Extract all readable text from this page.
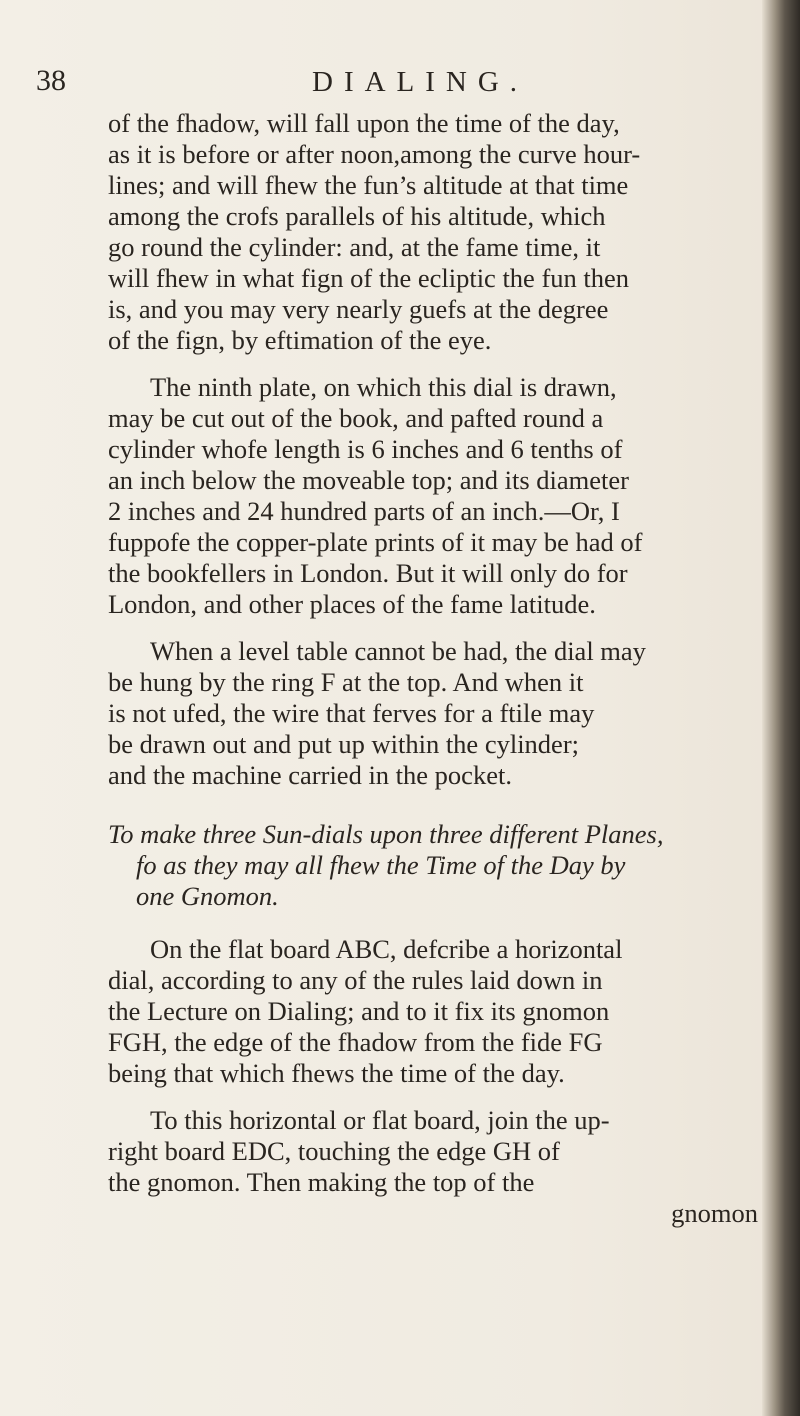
38	DIALING.
of the fhadow, will fall upon the time of the day,
as it is before or after noon,among the curve hour-
lines; and will fhew the fun’s altitude at that time
among the crofs parallels of his altitude, which
go round the cylinder: and, at the fame time, it
will fhew in what fign of the ecliptic the fun then
is, and you may very nearly guefs at the degree
of the fign, by eftimation of the eye.
The ninth plate, on which this dial is drawn,
may be cut out of the book, and pafted round a
cylinder whofe length is 6 inches and 6 tenths of
an inch below the moveable top; and its diameter
2 inches and 24 hundred parts of an inch.—Or, I
fuppofe the copper-plate prints of it may be had of
the bookfellers in London. But it will only do for
London, and other places of the fame latitude.
When a level table cannot be had, the dial may
be hung by the ring F at the top. And when it
is not ufed, the wire that ferves for a ftile may
be drawn out and put up within the cylinder;
and the machine carried in the pocket.
To make three Sun-dials upon three different Planes,
fo as they may all fhew the Time of the Day by
one Gnomon.
On the flat board ABC, defcribe a horizontal
dial, according to any of the rules laid down in
the Lecture on Dialing; and to it fix its gnomon
FGH, the edge of the fhadow from the fide FG
being that which fhews the time of the day.
To this horizontal or flat board, join the up-
right board EDC, touching the edge GH of
the gnomon. Then making the top of the
gnomon
